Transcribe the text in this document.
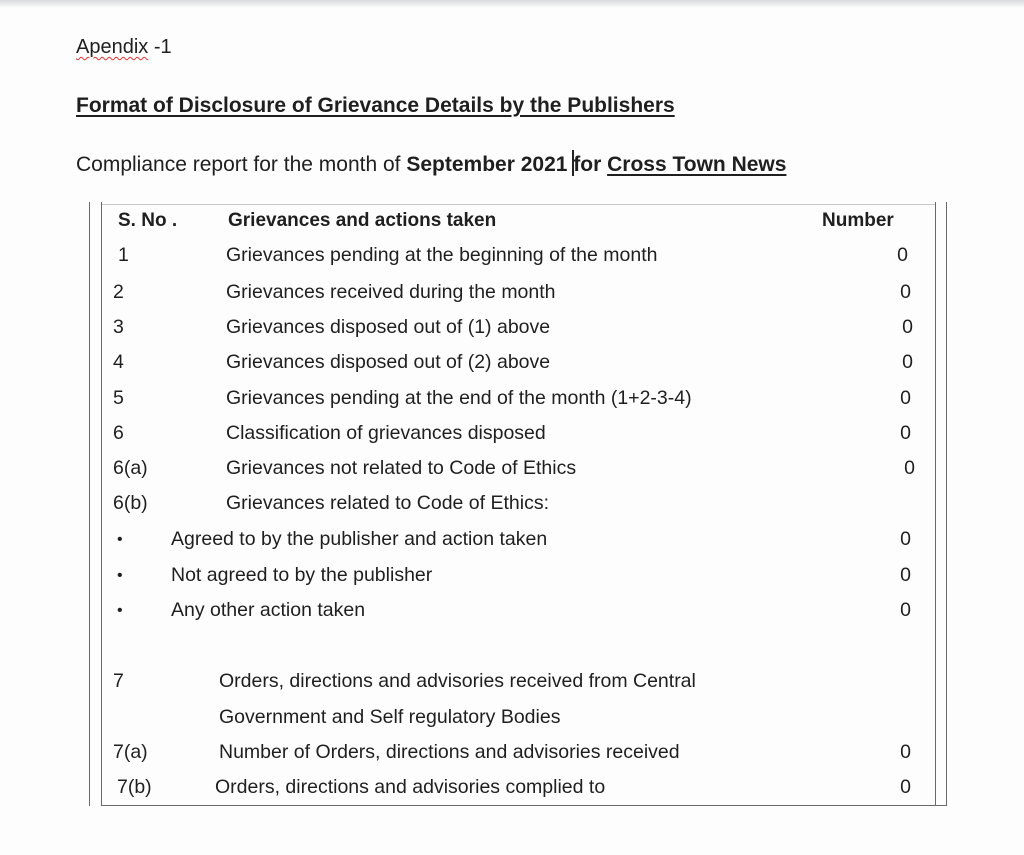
Apendix -1
Format of Disclosure of Grievance Details by the Publishers
Compliance report for the month of September 2021 for Cross Town News
S. No .	Grievances and actions taken	Number
1	Grievances pending at the beginning of the month	0
2	Grievances received during the month	0
3	Grievances disposed out of (1) above	0
4	Grievances disposed out of (2) above	0
5	Grievances pending at the end of the month (1+2-3-4)	0
6	Classification of grievances disposed	0
6(a)	Grievances not related to Code of Ethics	0
6(b)	Grievances related to Code of Ethics:
• Agreed to by the publisher and action taken	0
• Not agreed to by the publisher	0
• Any other action taken	0
7	Orders, directions and advisories received from Central
Government and Self regulatory Bodies
7(a)	Number of Orders, directions and advisories received	0
7(b)	Orders, directions and advisories complied to	0
